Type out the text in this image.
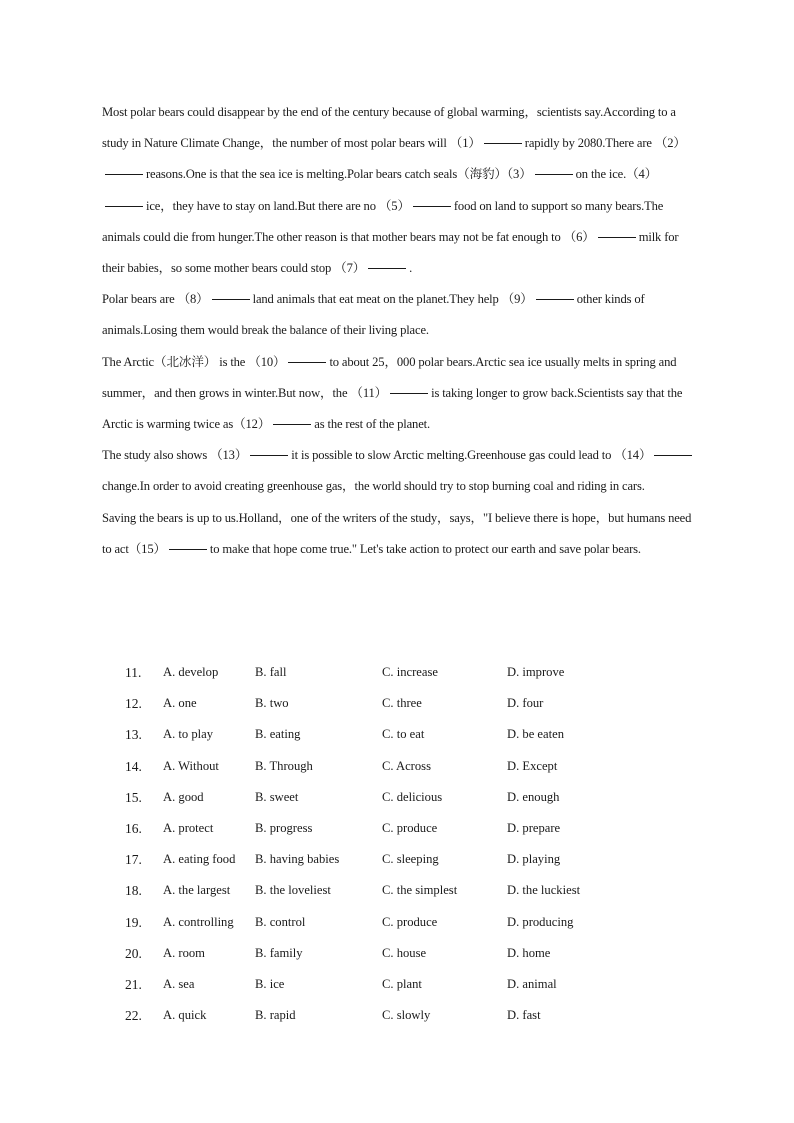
Most polar bears could disappear by the end of the century because of global warming，scientists say.According to a study in Nature Climate Change，the number of most polar bears will （1）	rapidly by 2080.There are （2）reasons.One is that the sea ice is melting.Polar bears catch seals（海豹）（3）	on the ice.（4）ice，they have to stay on land.But there are no （5）	food on land to support so many bears.The animals could die from hunger.The other reason is that mother bears may not be fat enough to （6）	milk for their babies，so some mother bears could stop （7）	.

Polar bears are （8）	land animals that eat meat on the planet.They help （9）	other kinds of animals.Losing them would break the balance of their living place.

The Arctic（北冰洋） is the （10）	to about 25，000 polar bears.Arctic sea ice usually melts in spring and summer，and then grows in winter.But now，the （11）	is taking longer to grow back.Scientists say that the Arctic is warming twice as（12）	as the rest of the planet.

The study also shows （13）	it is possible to slow Arctic melting.Greenhouse gas could lead to （14）change.In order to avoid creating greenhouse gas，the world should try to stop burning coal and riding in cars.

Saving the bears is up to us.Holland，one of the writers of the study，says，"I believe there is hope，but humans need to act（15）	to make that hope come true." Let's take action to protect our earth and save polar bears.

11. A. develop	B. fall	C. increase	D. improve
12. A. one	B. two	C. three	D. four
13. A. to play	B. eating	C. to eat	D. be eaten
14. A. Without	B. Through	C. Across	D. Except
15. A. good	B. sweet	C. delicious	D. enough
16. A. protect	B. progress	C. produce	D. prepare
17. A. eating food B. having babies	C. sleeping	D. playing
18. A. the largest B. the loveliest	C. the simplest	D. the luckiest
19. A. controlling B. control	C. produce	D. producing
20. A. room	B. family	C. house	D. home
21. A. sea	B. ice	C. plant	D. animal
22. A. quick	B. rapid	C. slowly	D. fast
